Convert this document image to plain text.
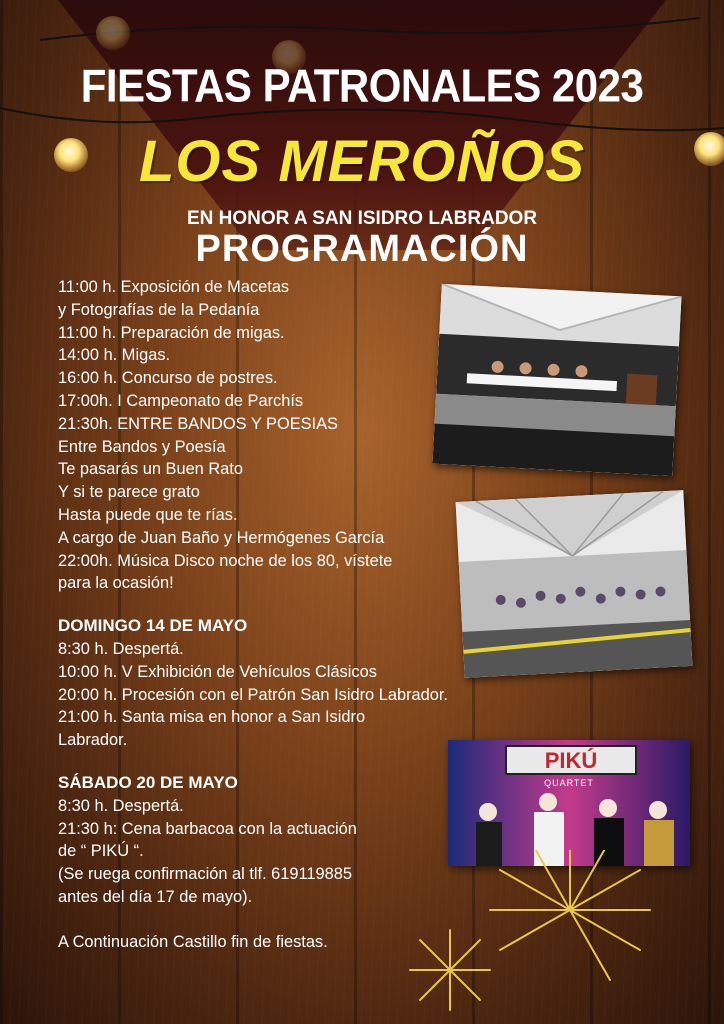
FIESTAS PATRONALES 2023
LOS MEROÑOS
EN HONOR A SAN ISIDRO LABRADOR
PROGRAMACIÓN
11:00 h. Exposición de Macetas
y Fotografías de la Pedanía
11:00 h. Preparación de migas.
14:00 h. Migas.
16:00 h. Concurso de postres.
17:00h. I Campeonato de Parchís
21:30h. ENTRE BANDOS Y POESIAS
Entre Bandos y Poesía
Te pasarás un Buen Rato
Y si te parece grato
Hasta puede que te rías.
A cargo de Juan Baño y Hermógenes García
22:00h. Música Disco noche de los 80, vístete
para la ocasión!
DOMINGO 14 DE MAYO
8:30 h. Despertá.
10:00 h. V Exhibición de Vehículos Clásicos
20:00 h. Procesión con el Patrón San Isidro Labrador.
21:00 h. Santa misa en honor a San Isidro
Labrador.
SÁBADO 20 DE MAYO
8:30 h. Despertá.
21:30 h: Cena barbacoa con la actuación
de “ PIKÚ “.
(Se ruega confirmación al tlf. 619119885
antes del día 17 de mayo).
A Continuación Castillo fin de fiestas.
PIKÚ
QUARTET
